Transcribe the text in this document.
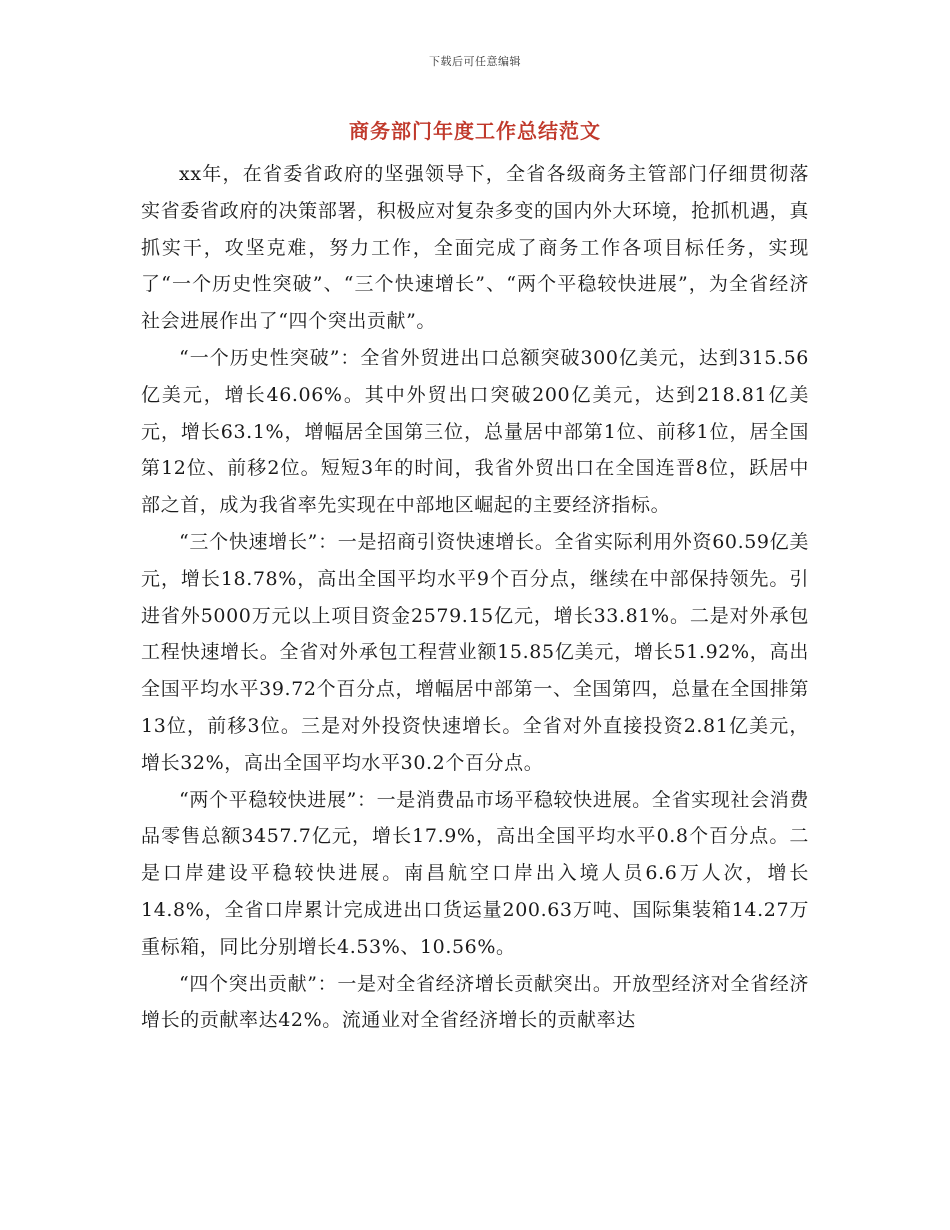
下载后可任意编辑
商务部门年度工作总结范文

xx年，在省委省政府的坚强领导下，全省各级商务主管部门仔细贯彻落实省委省政府的决策部署，积极应对复杂多变的国内外大环境，抢抓机遇，真抓实干，攻坚克难，努力工作，全面完成了商务工作各项目标任务，实现了“一个历史性突破”、“三个快速增长”、“两个平稳较快进展”，为全省经济社会进展作出了“四个突出贡献”。

“一个历史性突破”：全省外贸进出口总额突破300亿美元，达到315.56亿美元，增长46.06%。其中外贸出口突破200亿美元，达到218.81亿美元，增长63.1%，增幅居全国第三位，总量居中部第1位、前移1位，居全国第12位、前移2位。短短3年的时间，我省外贸出口在全国连晋8位，跃居中部之首，成为我省率先实现在中部地区崛起的主要经济指标。

“三个快速增长”：一是招商引资快速增长。全省实际利用外资60.59亿美元，增长18.78%，高出全国平均水平9个百分点，继续在中部保持领先。引进省外5000万元以上项目资金2579.15亿元，增长33.81%。二是对外承包工程快速增长。全省对外承包工程营业额15.85亿美元，增长51.92%，高出全国平均水平39.72个百分点，增幅居中部第一、全国第四，总量在全国排第13位，前移3位。三是对外投资快速增长。全省对外直接投资2.81亿美元，增长32%，高出全国平均水平30.2个百分点。

“两个平稳较快进展”：一是消费品市场平稳较快进展。全省实现社会消费品零售总额3457.7亿元，增长17.9%，高出全国平均水平0.8个百分点。二是口岸建设平稳较快进展。南昌航空口岸出入境人员6.6万人次，增长14.8%，全省口岸累计完成进出口货运量200.63万吨、国际集装箱14.27万重标箱，同比分别增长4.53%、10.56%。

“四个突出贡献”：一是对全省经济增长贡献突出。开放型经济对全省经济增长的贡献率达42%。流通业对全省经济增长的贡献率达
